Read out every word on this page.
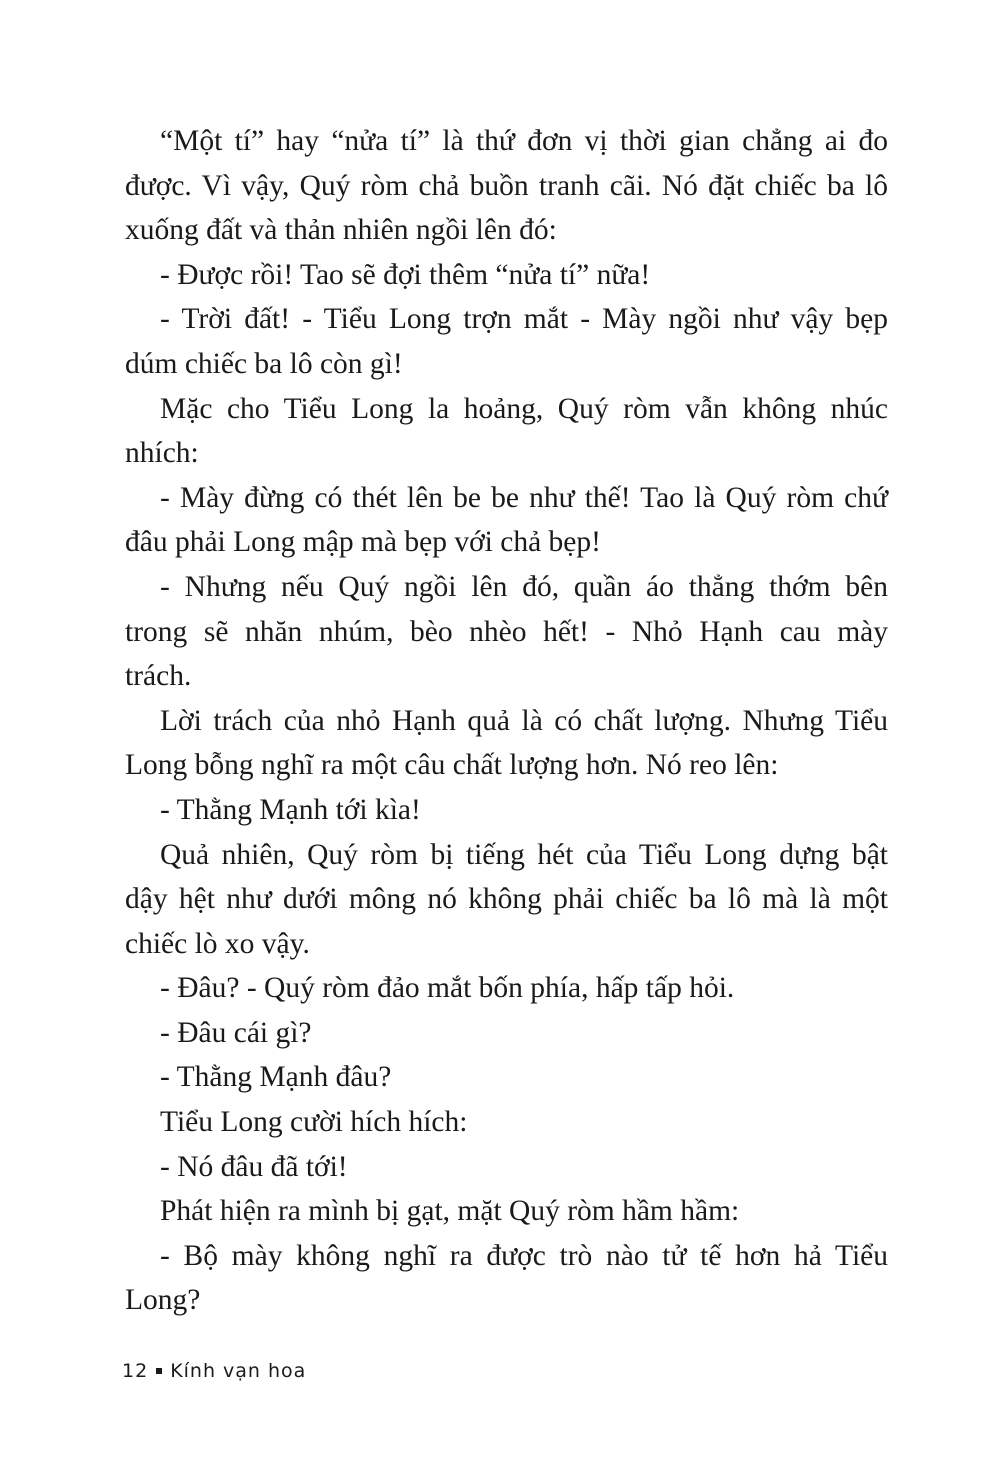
“Một tí” hay “nửa tí” là thứ đơn vị thời gian chẳng ai đo
được. Vì vậy, Quý ròm chả buồn tranh cãi. Nó đặt chiếc ba lô
xuống đất và thản nhiên ngồi lên đó:
- Được rồi! Tao sẽ đợi thêm “nửa tí” nữa!
- Trời đất! - Tiểu Long trợn mắt - Mày ngồi như vậy bẹp
dúm chiếc ba lô còn gì!
Mặc cho Tiểu Long la hoảng, Quý ròm vẫn không nhúc
nhích:
- Mày đừng có thét lên be be như thế! Tao là Quý ròm chứ
đâu phải Long mập mà bẹp với chả bẹp!
- Nhưng nếu Quý ngồi lên đó, quần áo thẳng thớm bên
trong sẽ nhăn nhúm, bèo nhèo hết! - Nhỏ Hạnh cau mày
trách.
Lời trách của nhỏ Hạnh quả là có chất lượng. Nhưng Tiểu
Long bỗng nghĩ ra một câu chất lượng hơn. Nó reo lên:
- Thằng Mạnh tới kìa!
Quả nhiên, Quý ròm bị tiếng hét của Tiểu Long dựng bật
dậy hệt như dưới mông nó không phải chiếc ba lô mà là một
chiếc lò xo vậy.
- Đâu? - Quý ròm đảo mắt bốn phía, hấp tấp hỏi.
- Đâu cái gì?
- Thằng Mạnh đâu?
Tiểu Long cười hích hích:
- Nó đâu đã tới!
Phát hiện ra mình bị gạt, mặt Quý ròm hầm hầm:
- Bộ mày không nghĩ ra được trò nào tử tế hơn hả Tiểu
Long?
12 Kính vạn hoa
